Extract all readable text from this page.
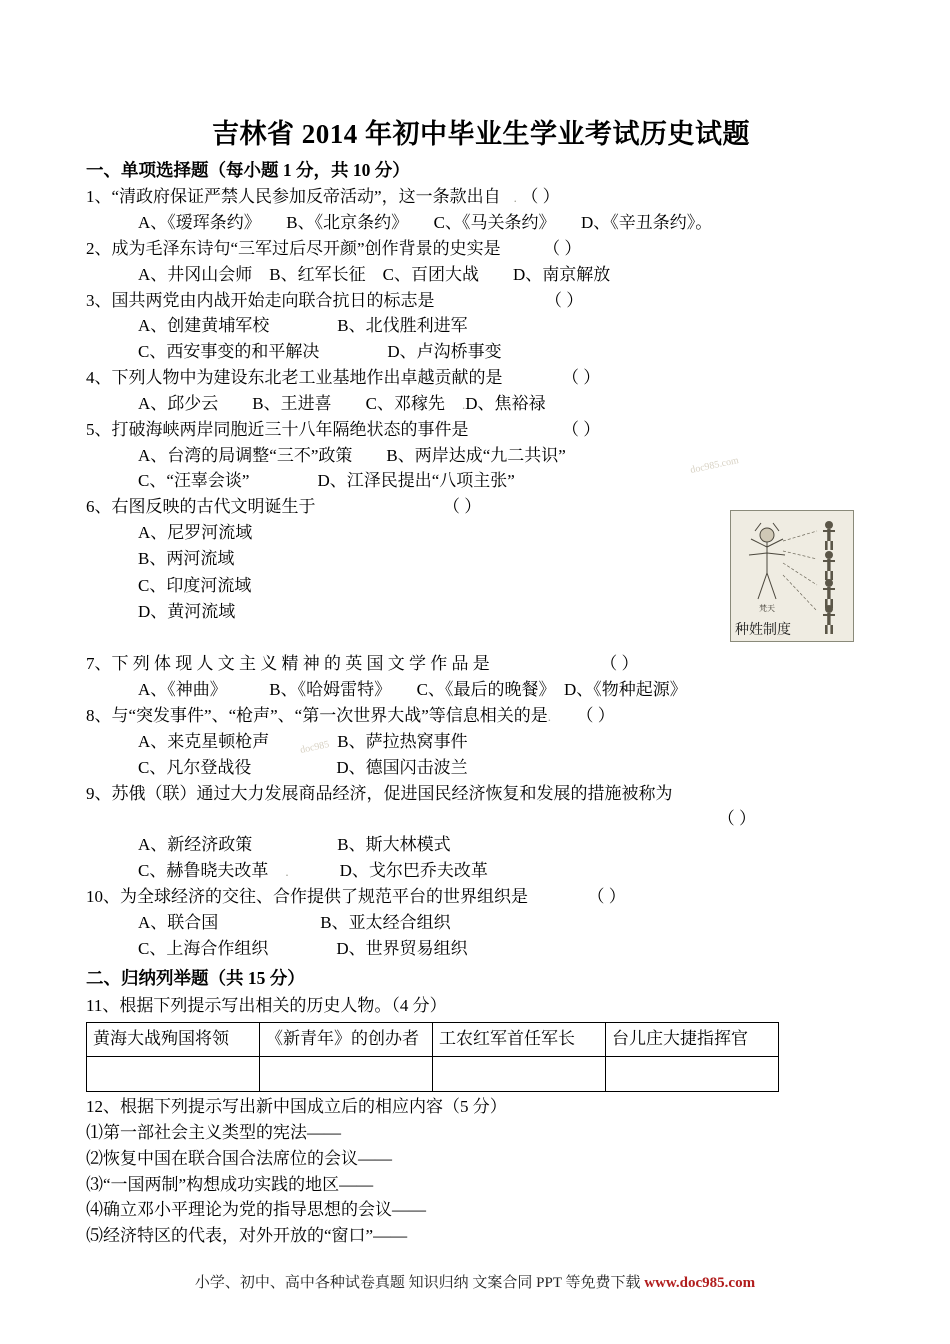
吉林省 2014 年初中毕业生学业考试历史试题
一、单项选择题（每小题 1 分，共 10 分）
1、“清政府保证严禁人民参加反帝活动”，这一条款出自　.　（ ）
A、《瑷珲条约》　　 B、《北京条约》　　 C、《马关条约》　　 D、《辛丑条约》。
2、成为毛泽东诗句“三军过后尽开颜”创作背景的史实是　　　	（ ）
A、井冈山会师　 B、红军长征　 C、百团大战　　 D、南京解放
3、国共两党由内战开始走向联合抗日的标志是　　　　　　　	（ ）
A、创建黄埔军校　　　　	B、北伐胜利进军
C、西安事变的和平解决　　　　	D、卢沟桥事变
4、下列人物中为建设东北老工业基地作出卓越贡献的是　　　　	（ ）
A、邱少云　　 B、王进喜　　 C、邓稼先　 .D、焦裕禄
5、打破海峡两岸同胞近三十八年隔绝状态的事件是　　　　　　	（ ）
A、台湾的局调整“三不”政策　　 B、两岸达成“九二共识”
C、“汪辜会谈”　　　　	D、江泽民提出“八项主张”
6、右图反映的古代文明诞生于　　　　　　　　	（ ）
A、尼罗河流域
B、两河流域
C、印度河流域
D、黄河流域
7、下 列 体 现 人 文 主 义 精 神 的 英 国 文 学 作 品 是　　　　　　　	（ ）
A、《神曲》　　　	B、《哈姆雷特》　　 C、《最后的晚餐》　 D、《物种起源》
8、与“突发事件”、“枪声”、“第一次世界大战”等信息相关的是.　　 （ ）
A、来克星顿枪声　　　　	B、萨拉热窝事件
C、凡尔登战役　　　　　	D、德国闪击波兰
9、苏俄（联）通过大力发展商品经济，促进国民经济恢复和发展的措施被称为
（ ）
A、新经济政策　　　　　	B、斯大林模式
C、赫鲁晓夫改革　 .　　　	D、戈尔巴乔夫改革
10、为全球经济的交往、合作提供了规范平台的世界组织是　　　　	（ ）
A、联合国　　　　　　	B、亚太经合组织
C、上海合作组织　　　　	D、世界贸易组织
二、归纳列举题（共 15 分）
11、根据下列提示写出相关的历史人物。（4 分）
黄海大战殉国将领	《新青年》的创办者	工农红军首任军长	台儿庄大捷指挥官

12、根据下列提示写出新中国成立后的相应内容（5 分）
⑴第一部社会主义类型的宪法——
⑵恢复中国在联合国合法席位的会议——
⑶“一国两制”构想成功实践的地区——
⑷确立邓小平理论为党的指导思想的会议——
⑸经济特区的代表，对外开放的“窗口”——
梵天
种姓制度
doc985.com
doc985
小学、初中、高中各种试卷真题 知识归纳 文案合同 PPT 等免费下载 www.doc985.com
